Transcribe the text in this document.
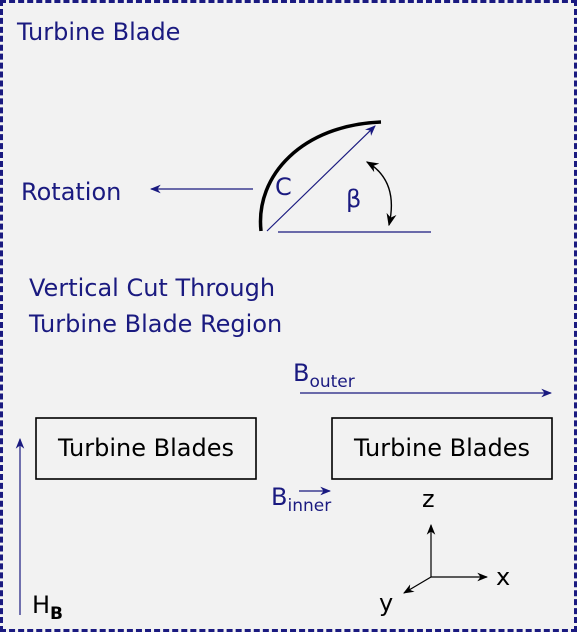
Turbine Blade
Rotation	C β
Vertical Cut Through
Turbine Blade Region
$B_{outer}$
Turbine Blades	Turbine Blades
$B_{inner}$
$H_B$
x
z
y
